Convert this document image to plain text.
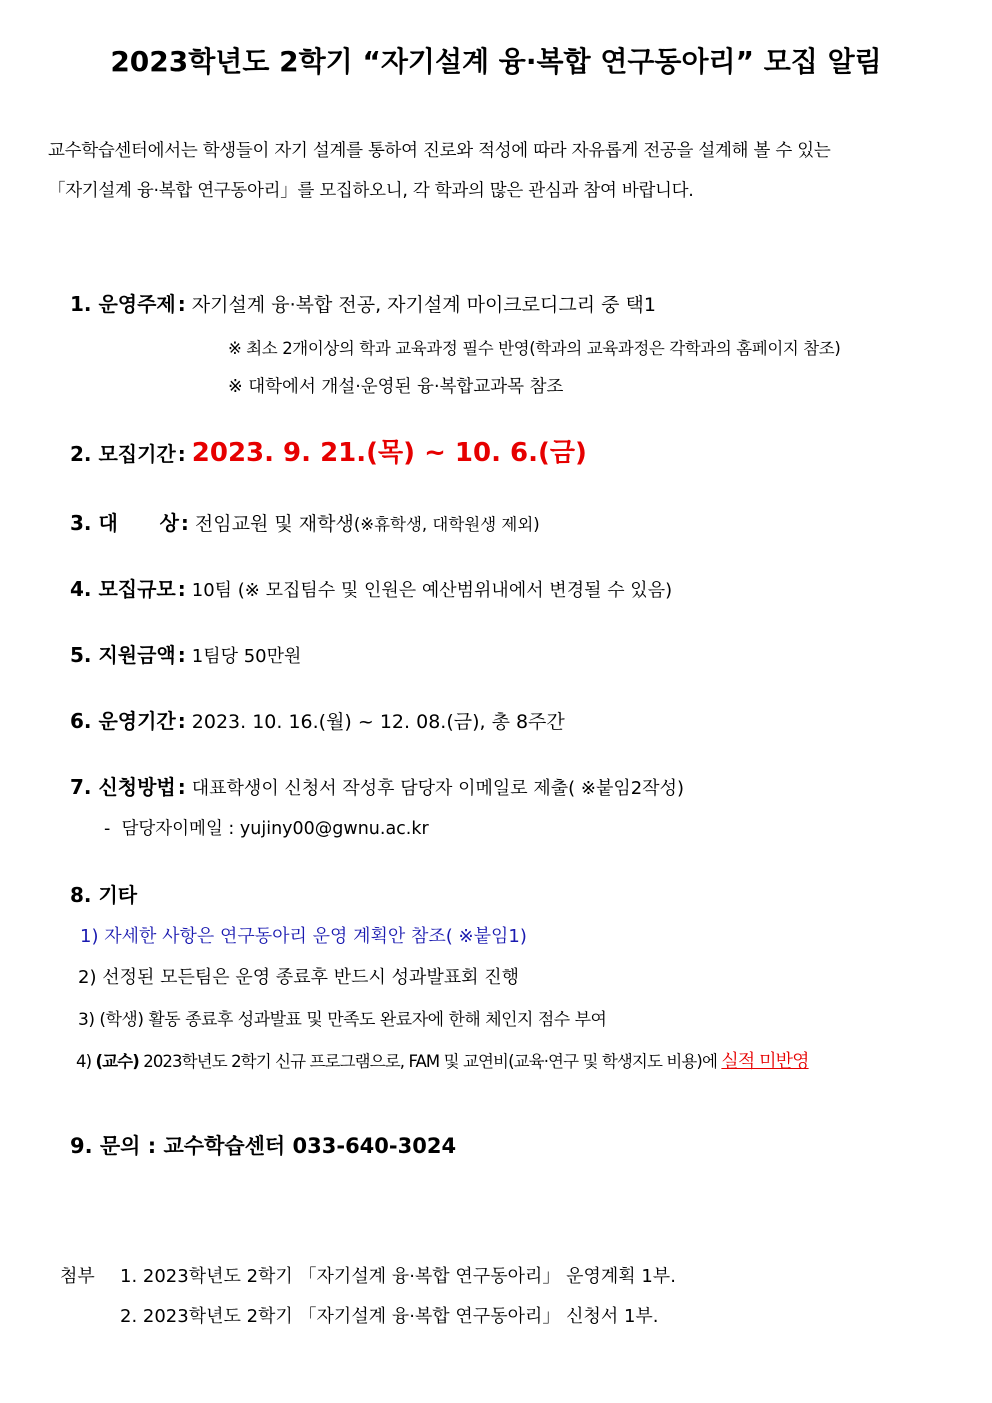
2023학년도 2학기 “자기설계 융·복합 연구동아리” 모집 알림
교수학습센터에서는 학생들이 자기 설계를 통하여 진로와 적성에 따라 자유롭게 전공을 설계해 볼 수 있는
「자기설계 융·복합 연구동아리」를 모집하오니, 각 학과의 많은 관심과 참여 바랍니다.
1. 운영주제 : 자기설계 융·복합 전공, 자기설계 마이크로디그리 중 택1
※ 최소 2개이상의 학과 교육과정 필수 반영(학과의 교육과정은 각학과의 홈페이지 참조)
※ 대학에서 개설·운영된 융·복합교과목 참조
2. 모집기간 : 2023. 9. 21.(목) ~ 10. 6.(금)
3. 대      상 : 전임교원 및 재학생(※휴학생, 대학원생 제외)
4. 모집규모 : 10팀 (※ 모집팀수 및 인원은 예산범위내에서 변경될 수 있음)
5. 지원금액 : 1팀당 50만원
6. 운영기간 : 2023. 10. 16.(월) ~ 12. 08.(금), 총 8주간
7. 신청방법 : 대표학생이 신청서 작성후 담당자 이메일로 제출( ※붙임2작성)
-  담당자이메일 : yujiny00@gwnu.ac.kr
8. 기타
1) 자세한 사항은 연구동아리 운영 계획안 참조( ※붙임1)
2) 선정된 모든팀은 운영 종료후 반드시 성과발표회 진행
3) (학생) 활동 종료후 성과발표 및 만족도 완료자에 한해 체인지 점수 부여
4) (교수) 2023학년도 2학기 신규 프로그램으로, FAM 및 교연비(교육·연구 및 학생지도 비용)에 실적 미반영
9. 문의 : 교수학습센터 033-640-3024
첨부 1. 2023학년도 2학기 「자기설계 융·복합 연구동아리」 운영계획 1부.
2. 2023학년도 2학기 「자기설계 융·복합 연구동아리」 신청서 1부.
